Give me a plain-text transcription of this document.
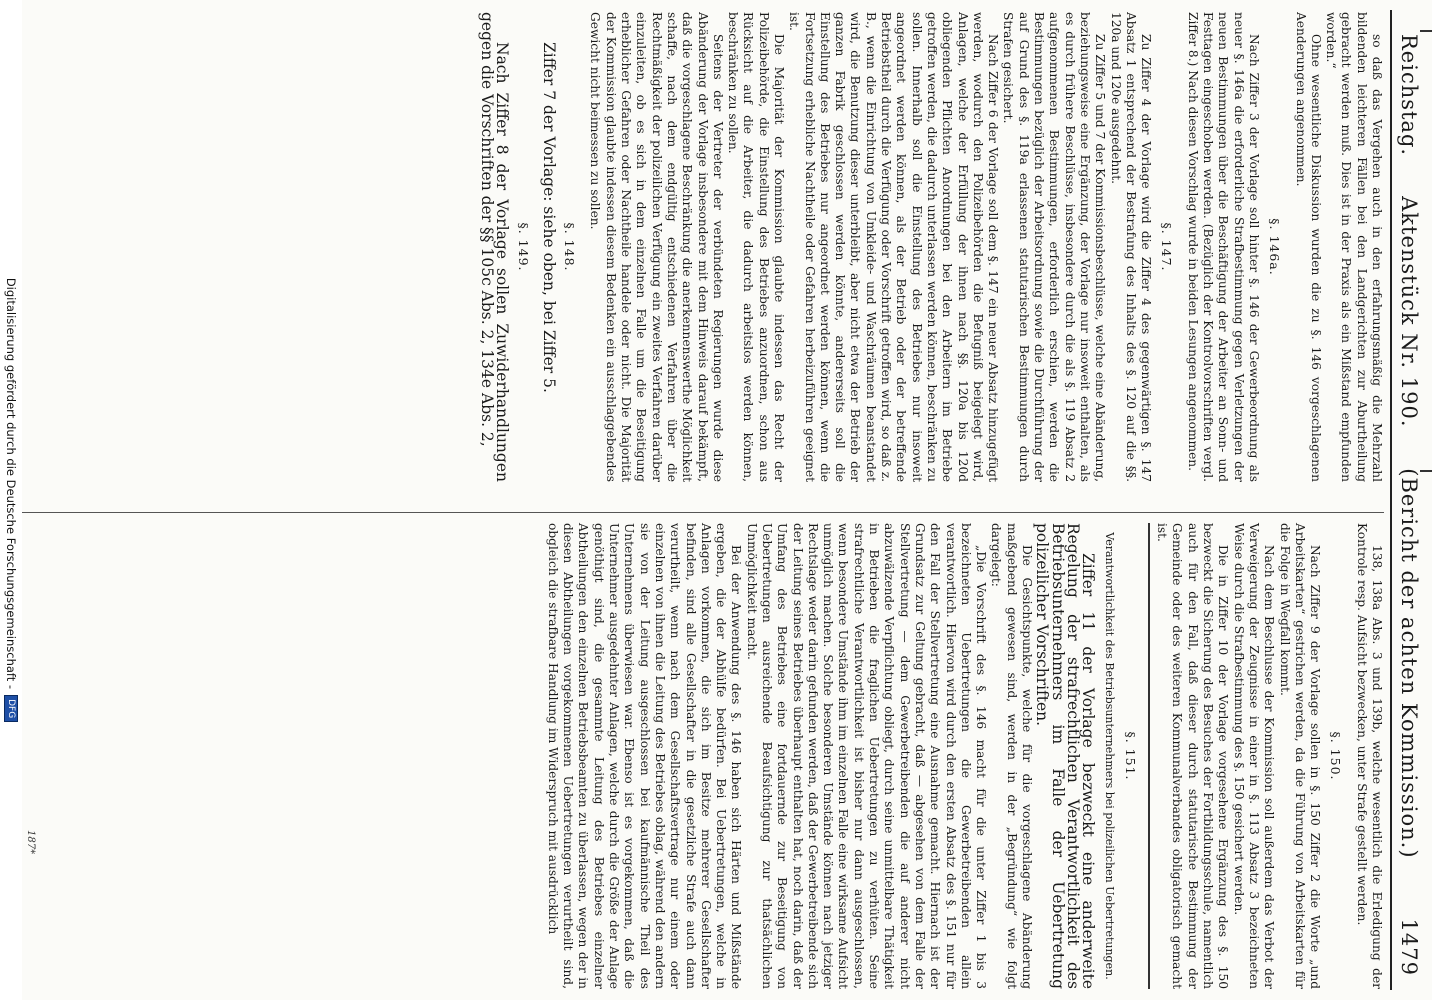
Reichstag.
Aktenstück Nr. 190.
(Bericht der achten Kommission.)
1479

so daß das Vergehen auch in den erfahrungsmäßig die Mehrzahl bildenden leichteren Fällen bei den Landgerichten zur Aburtheilung gebracht werden muß. Dies ist in der Praxis als ein Mißstand empfunden worden.“

Ohne wesentliche Diskussion wurden die zu §. 146 vorgeschlagenen Aenderungen angenommen.

§. 146a.

Nach Ziffer 3 der Vorlage soll hinter §. 146 der Gewerbeordnung als neuer §. 146a die erforderliche Strafbestimmung gegen Verletzungen der neuen Bestimmungen über die Beschäftigung der Arbeiter an Sonn- und Festtagen eingeschoben werden. (Bezüglich der Kontrolvorschriften vergl. Ziffer 8.) Nach diesen Vorschlag wurde in beiden Lesungen angenommen.

§. 147.

Zu Ziffer 4 der Vorlage wird die Ziffer 4 des gegenwärtigen §. 147 Absatz 1 entsprechend der Bestrafung des Inhalts des §. 120 auf die §§. 120a und 120e ausgedehnt.

Zu Ziffer 5 und 7 der Kommissionsbeschlüsse, welche eine Abänderung, beziehungsweise eine Ergänzung, der Vorlage nur insoweit enthalten, als es durch frühere Beschlüsse, insbesondere durch die als §. 119 Absatz 2 aufgenommenen Bestimmungen, erforderlich erschien, werden die Bestimmungen bezüglich der Arbeitsordnung sowie die Durchführung der auf Grund des §. 119a erlassenen statutarischen Bestimmungen durch Strafen gesichert.

Nach Ziffer 6 der Vorlage soll dem §. 147 ein neuer Absatz hinzugefügt werden, wodurch den Polizeibehörden die Befugniß beigelegt wird, Anlagen, welche der Erfüllung der ihnen nach §§. 120a bis 120d obliegenden Pflichten Anordnungen bei den Arbeitern im Betriebe getroffen werden, die dadurch unterlassen werden können, beschränken zu sollen. Innerhalb soll die Einstellung des Betriebes nur insoweit angeordnet werden können, als der Betrieb oder der betreffende Betriebstheil durch die Verfügung oder Vorschrift getroffen wird, so daß z. B., wenn die Einrichtung von Umkleide- und Waschräumen beanstandet wird, die Benutzung dieser unterbleibt, aber nicht etwa der Betrieb der ganzen Fabrik geschlossen werden könnte, andererseits soll die Einstellung des Betriebes nur angeordnet werden können, wenn die Fortsetzung erhebliche Nachtheile oder Gefahren herbeizuführen geeignet ist.

Die Majorität der Kommission glaubte indessen das Recht der Polizeibehörde, die Einstellung des Betriebes anzuordnen, schon aus Rücksicht auf die Arbeiter, die dadurch arbeitslos werden können, beschränken zu sollen.

Seitens der Vertreter der verbündeten Regierungen wurde diese Abänderung der Vorlage insbesondere mit dem Hinweis darauf bekämpft, daß die vorgeschlagene Beschränkung die anerkennenswerthe Möglichkeit schaffe, nach dem endgültig entschiedenen Verfahren über die Rechtmäßigkeit der polizeilichen Verfügung ein zweites Verfahren darüber einzuleiten, ob es sich in dem einzelnen Falle um die Beseitigung erheblicher Gefahren oder Nachtheile handele oder nicht. Die Majorität der Kommission glaubte indessen diesem Bedenken ein ausschlaggebendes Gewicht nicht beimessen zu sollen.

§. 148.

Ziffer 7 der Vorlage: siehe oben, bei Ziffer 5.

§. 149.

Nach Ziffer 8 der Vorlage sollen Zuwiderhandlungen gegen die Vorschriften der §§ 105c Abs. 2, 134e Abs. 2,

138, 138a Abs. 3 und 139b, welche wesentlich die Erledigung der Kontrole resp. Aufsicht bezwecken, unter Strafe gestellt werden.

§. 150.

Nach Ziffer 9 der Vorlage sollen in §. 150 Ziffer 2 die Worte „und Arbeitskarten“ gestrichen werden, da die Führung von Arbeitskarten für die Folge in Wegfall kommt.

Nach dem Beschlusse der Kommission soll außerdem das Verbot der Verweigerung der Zeugnisse in einer in §. 113 Absatz 3 bezeichneten Weise durch die Strafbestimmung des §. 150 gesichert werden.

Die in Ziffer 10 der Vorlage vorgesehene Ergänzung des §. 150 bezweckt die Sicherung des Besuches der Fortbildungsschule, namentlich auch für den Fall, daß dieser durch statutarische Bestimmung der Gemeinde oder des weiteren Kommunalverbandes obligatorisch gemacht ist.

§. 151.

Verantwortlichkeit des Betriebsunternehmers bei polizeilichen Uebertretungen.

Ziffer 11 der Vorlage bezweckt eine anderweite Regelung der strafrechtlichen Verantwortlichkeit des Betriebsunternehmers im Falle der Uebertretung polizeilicher Vorschriften.

Die Gesichtspunkte, welche für die vorgeschlagene Abänderung maßgebend gewesen sind, werden in der „Begründung“ wie folgt dargelegt:

„Die Vorschrift des §. 146 macht für die unter Ziffer 1 bis 3 bezeichneten Uebertretungen die Gewerbetreibenden allein verantwortlich. Hiervon wird durch den ersten Absatz des §. 151 nur für den Fall der Stellvertretung eine Ausnahme gemacht. Hiernach ist der Grundsatz zur Geltung gebracht, daß — abgesehen von dem Falle der Stellvertretung — dem Gewerbetreibenden die auf anderer nicht abzuwälzende Verpflichtung obliegt, durch seine unmittelbare Thätigkeit in Betrieben die fraglichen Uebertretungen zu verhüten. Seine strafrechtliche Verantwortlichkeit ist bisher nur dann ausgeschlossen, wenn besondere Umstände ihm im einzelnen Falle eine wirksame Aufsicht unmöglich machen. Solche besonderen Umstände können nach jetziger Rechtslage weder darin gefunden werden, daß der Gewerbetreibende sich der Leitung seines Betriebes überhaupt enthalten hat, noch darin, daß der Umfang des Betriebes eine fortdauernde zur Beseitigung von Uebertretungen ausreichende Beaufsichtigung zur thatsächlichen Unmöglichkeit macht.

Bei der Anwendung des §. 146 haben sich Härten und Mißstände ergeben, die der Abhülfe bedürfen. Bei Uebertretungen, welche in Anlagen vorkommen, die sich im Besitze mehrerer Gesellschafter befinden, sind alle Gesellschafter in die gesetzliche Strafe auch dann verurtheilt, wenn nach dem Gesellschaftsvertrage nur einem oder einzelnen von ihnen die Leitung des Betriebes oblag, während den andern sie von der Leitung ausgeschlossen bei kaufmännische Theil des Unternehmens überwiesen war. Ebenso ist es vorgekommen, daß die Unternehmer ausgedehnter Anlagen, welche durch die Größe der Anlage genöthigt sind, die gesammte Leitung des Betriebes einzelner Abtheilungen den einzelnen Betriebsbeamten zu überlassen, wegen der in diesen Abtheilungen vorgekommenen Uebertretungen verurtheilt sind, obgleich die strafbare Handlung im Widerspruch mit ausdrücklich

187*
Digitalisierung gefördert durch die Deutsche Forschungsgemeinschaft -
DFG
